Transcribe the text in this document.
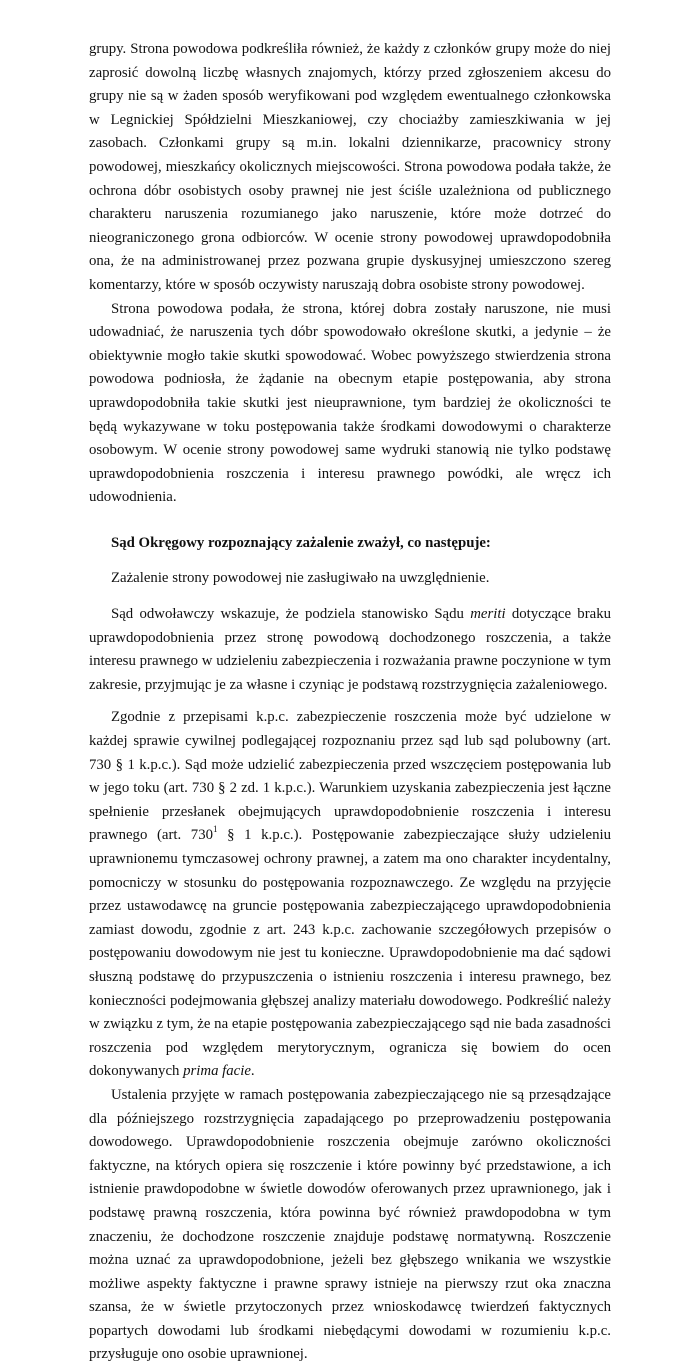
grupy. Strona powodowa podkreśliła również, że każdy z członków grupy może do niej zaprosić dowolną liczbę własnych znajomych, którzy przed zgłoszeniem akcesu do grupy nie są w żaden sposób weryfikowani pod względem ewentualnego członkowska w Legnickiej Spółdzielni Mieszkaniowej, czy chociażby zamieszkiwania w jej zasobach. Członkami grupy są m.in. lokalni dziennikarze, pracownicy strony powodowej, mieszkańcy okolicznych miejscowości. Strona powodowa podała także, że ochrona dóbr osobistych osoby prawnej nie jest ściśle uzależniona od publicznego charakteru naruszenia rozumianego jako naruszenie, które może dotrzeć do nieograniczonego grona odbiorców. W ocenie strony powodowej uprawdopodobniła ona, że na administrowanej przez pozwana grupie dyskusyjnej umieszczono szereg komentarzy, które w sposób oczywisty naruszają dobra osobiste strony powodowej.

Strona powodowa podała, że strona, której dobra zostały naruszone, nie musi udowadniać, że naruszenia tych dóbr spowodowało określone skutki, a jedynie – że obiektywnie mogło takie skutki spowodować. Wobec powyższego stwierdzenia strona powodowa podniosła, że żądanie na obecnym etapie postępowania, aby strona uprawdopodobniła takie skutki jest nieuprawnione, tym bardziej że okoliczności te będą wykazywane w toku postępowania także środkami dowodowymi o charakterze osobowym. W ocenie strony powodowej same wydruki stanowią nie tylko podstawę uprawdopodobnienia roszczenia i interesu prawnego powódki, ale wręcz ich udowodnienia.

Sąd Okręgowy rozpoznający zażalenie zważył, co następuje:

Zażalenie strony powodowej nie zasługiwało na uwzględnienie.

Sąd odwoławczy wskazuje, że podziela stanowisko Sądu meriti dotyczące braku uprawdopodobnienia przez stronę powodową dochodzonego roszczenia, a także interesu prawnego w udzieleniu zabezpieczenia i rozważania prawne poczynione w tym zakresie, przyjmując je za własne i czyniąc je podstawą rozstrzygnięcia zażaleniowego.

Zgodnie z przepisami k.p.c. zabezpieczenie roszczenia może być udzielone w każdej sprawie cywilnej podlegającej rozpoznaniu przez sąd lub sąd polubowny (art. 730 § 1 k.p.c.). Sąd może udzielić zabezpieczenia przed wszczęciem postępowania lub w jego toku (art. 730 § 2 zd. 1 k.p.c.). Warunkiem uzyskania zabezpieczenia jest łączne spełnienie przesłanek obejmujących uprawdopodobnienie roszczenia i interesu prawnego (art. $730^1$ § 1 k.p.c.). Postępowanie zabezpieczające służy udzieleniu uprawnionemu tymczasowej ochrony prawnej, a zatem ma ono charakter incydentalny, pomocniczy w stosunku do postępowania rozpoznawczego. Ze względu na przyjęcie przez ustawodawcę na gruncie postępowania zabezpieczającego uprawdopodobnienia zamiast dowodu, zgodnie z art. 243 k.p.c. zachowanie szczegółowych przepisów o postępowaniu dowodowym nie jest tu konieczne. Uprawdopodobnienie ma dać sądowi słuszną podstawę do przypuszczenia o istnieniu roszczenia i interesu prawnego, bez konieczności podejmowania głębszej analizy materiału dowodowego. Podkreślić należy w związku z tym, że na etapie postępowania zabezpieczającego sąd nie bada zasadności roszczenia pod względem merytorycznym, ogranicza się bowiem do ocen dokonywanych prima facie.

Ustalenia przyjęte w ramach postępowania zabezpieczającego nie są przesądzające dla późniejszego rozstrzygnięcia zapadającego po przeprowadzeniu postępowania dowodowego. Uprawdopodobnienie roszczenia obejmuje zarówno okoliczności faktyczne, na których opiera się roszczenie i które powinny być przedstawione, a ich istnienie prawdopodobne w świetle dowodów oferowanych przez uprawnionego, jak i podstawę prawną roszczenia, która powinna być również prawdopodobna w tym znaczeniu, że dochodzone roszczenie znajduje podstawę normatywną. Roszczenie można uznać za uprawdopodobnione, jeżeli bez głębszego wnikania we wszystkie możliwe aspekty faktyczne i prawne sprawy istnieje na pierwszy rzut oka znaczna szansa, że w świetle przytoczonych przez wnioskodawcę twierdzeń faktycznych popartych dowodami lub środkami niebędącymi dowodami w rozumieniu k.p.c. przysługuje ono osobie uprawnionej.
